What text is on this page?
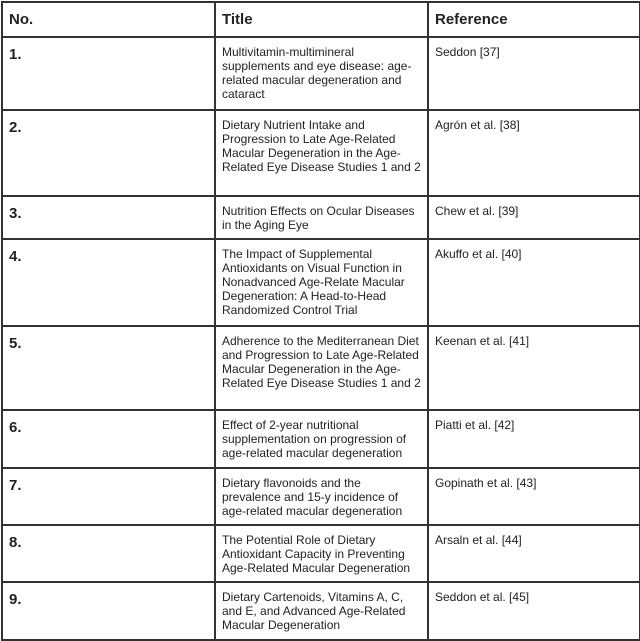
No.	Title	Reference
1.	Multivitamin-multimineral supplements and eye disease: age-related macular degeneration and cataract	Seddon [37]
2.	Dietary Nutrient Intake and Progression to Late Age-Related Macular Degeneration in the Age-Related Eye Disease Studies 1 and 2	Agrón et al. [38]
3.	Nutrition Effects on Ocular Diseases in the Aging Eye	Chew et al. [39]
4.	The Impact of Supplemental Antioxidants on Visual Function in Nonadvanced Age-Relate Macular Degeneration: A Head-to-Head Randomized Control Trial	Akuffo et al. [40]
5.	Adherence to the Mediterranean Diet and Progression to Late Age-Related Macular Degeneration in the Age-Related Eye Disease Studies 1 and 2	Keenan et al. [41]
6.	Effect of 2-year nutritional supplementation on progression of age-related macular degeneration	Piatti et al. [42]
7.	Dietary flavonoids and the prevalence and 15-y incidence of age-related macular degeneration	Gopinath et al. [43]
8.	The Potential Role of Dietary Antioxidant Capacity in Preventing Age-Related Macular Degeneration	Arsaln et al. [44]
9.	Dietary Cartenoids, Vitamins A, C, and E, and Advanced Age-Related Macular Degeneration	Seddon et al. [45]
